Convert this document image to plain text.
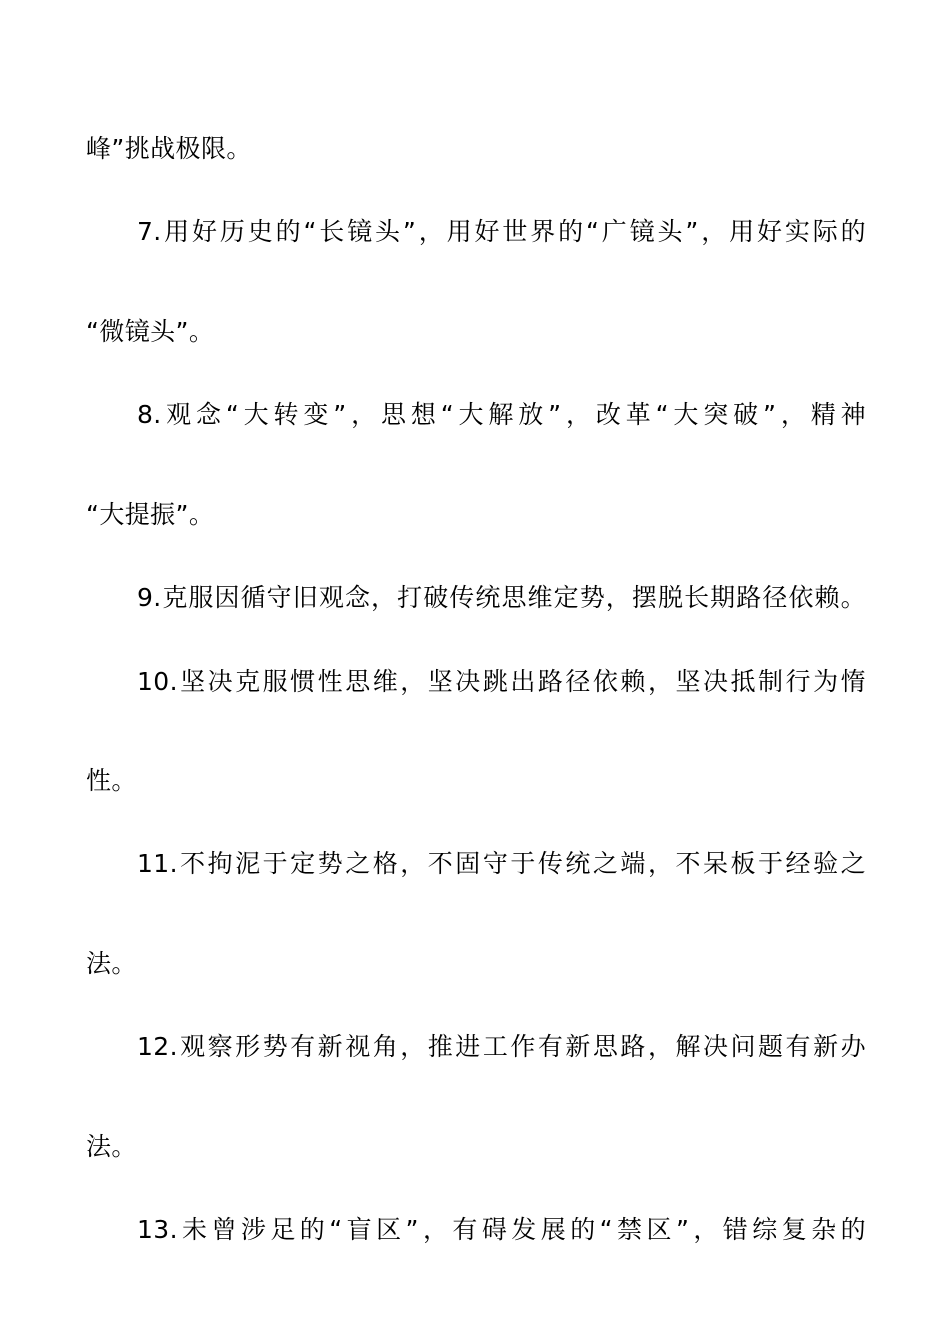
峰”挑战极限。
7.用好历史的“长镜头”，用好世界的“广镜头”，用好实际的
“微镜头”。
8.观念“大转变”，思想“大解放”，改革“大突破”，精神
“大提振”。
9.克服因循守旧观念，打破传统思维定势，摆脱长期路径依赖。
10.坚决克服惯性思维，坚决跳出路径依赖，坚决抵制行为惰
性。
11.不拘泥于定势之格，不固守于传统之端，不呆板于经验之
法。
12.观察形势有新视角，推进工作有新思路，解决问题有新办
法。
13.未曾涉足的“盲区”，有碍发展的“禁区”，错综复杂的
